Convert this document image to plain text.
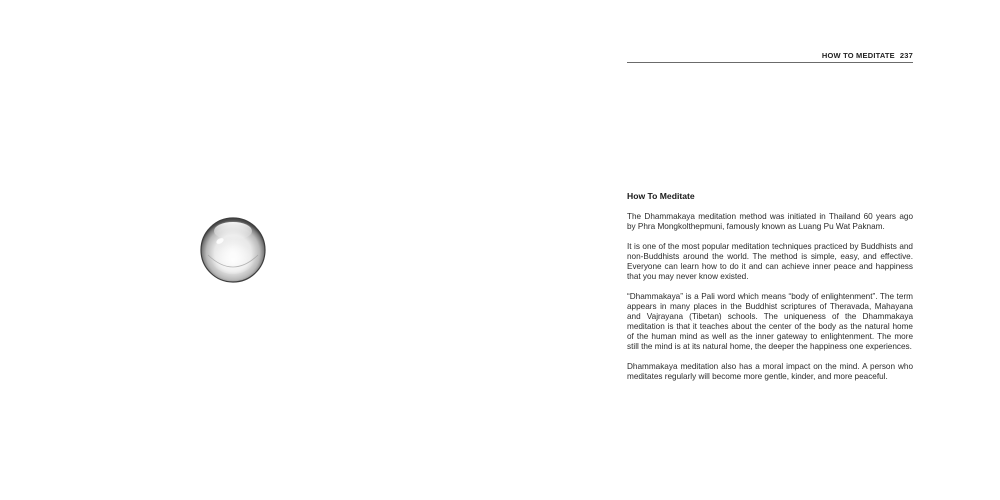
HOW TO MEDITATE 237
How To Meditate

The Dhammakaya meditation method was initiated in Thailand 60 years ago by Phra Mongkolthepmuni, famously known as Luang Pu Wat Paknam.

It is one of the most popular meditation techniques practiced by Buddhists and non-Buddhists around the world. The method is simple, easy, and effective. Everyone can learn how to do it and can achieve inner peace and happiness that you may never know existed.

“Dhammakaya” is a Pali word which means “body of enlightenment”. The term appears in many places in the Buddhist scriptures of Theravada, Mahayana and Vajrayana (Tibetan) schools. The uniqueness of the Dhammakaya meditation is that it teaches about the center of the body as the natural home of the human mind as well as the inner gateway to enlightenment. The more still the mind is at its natural home, the deeper the happiness one experiences.

Dhammakaya meditation also has a moral impact on the mind. A person who meditates regularly will become more gentle, kinder, and more peaceful.
